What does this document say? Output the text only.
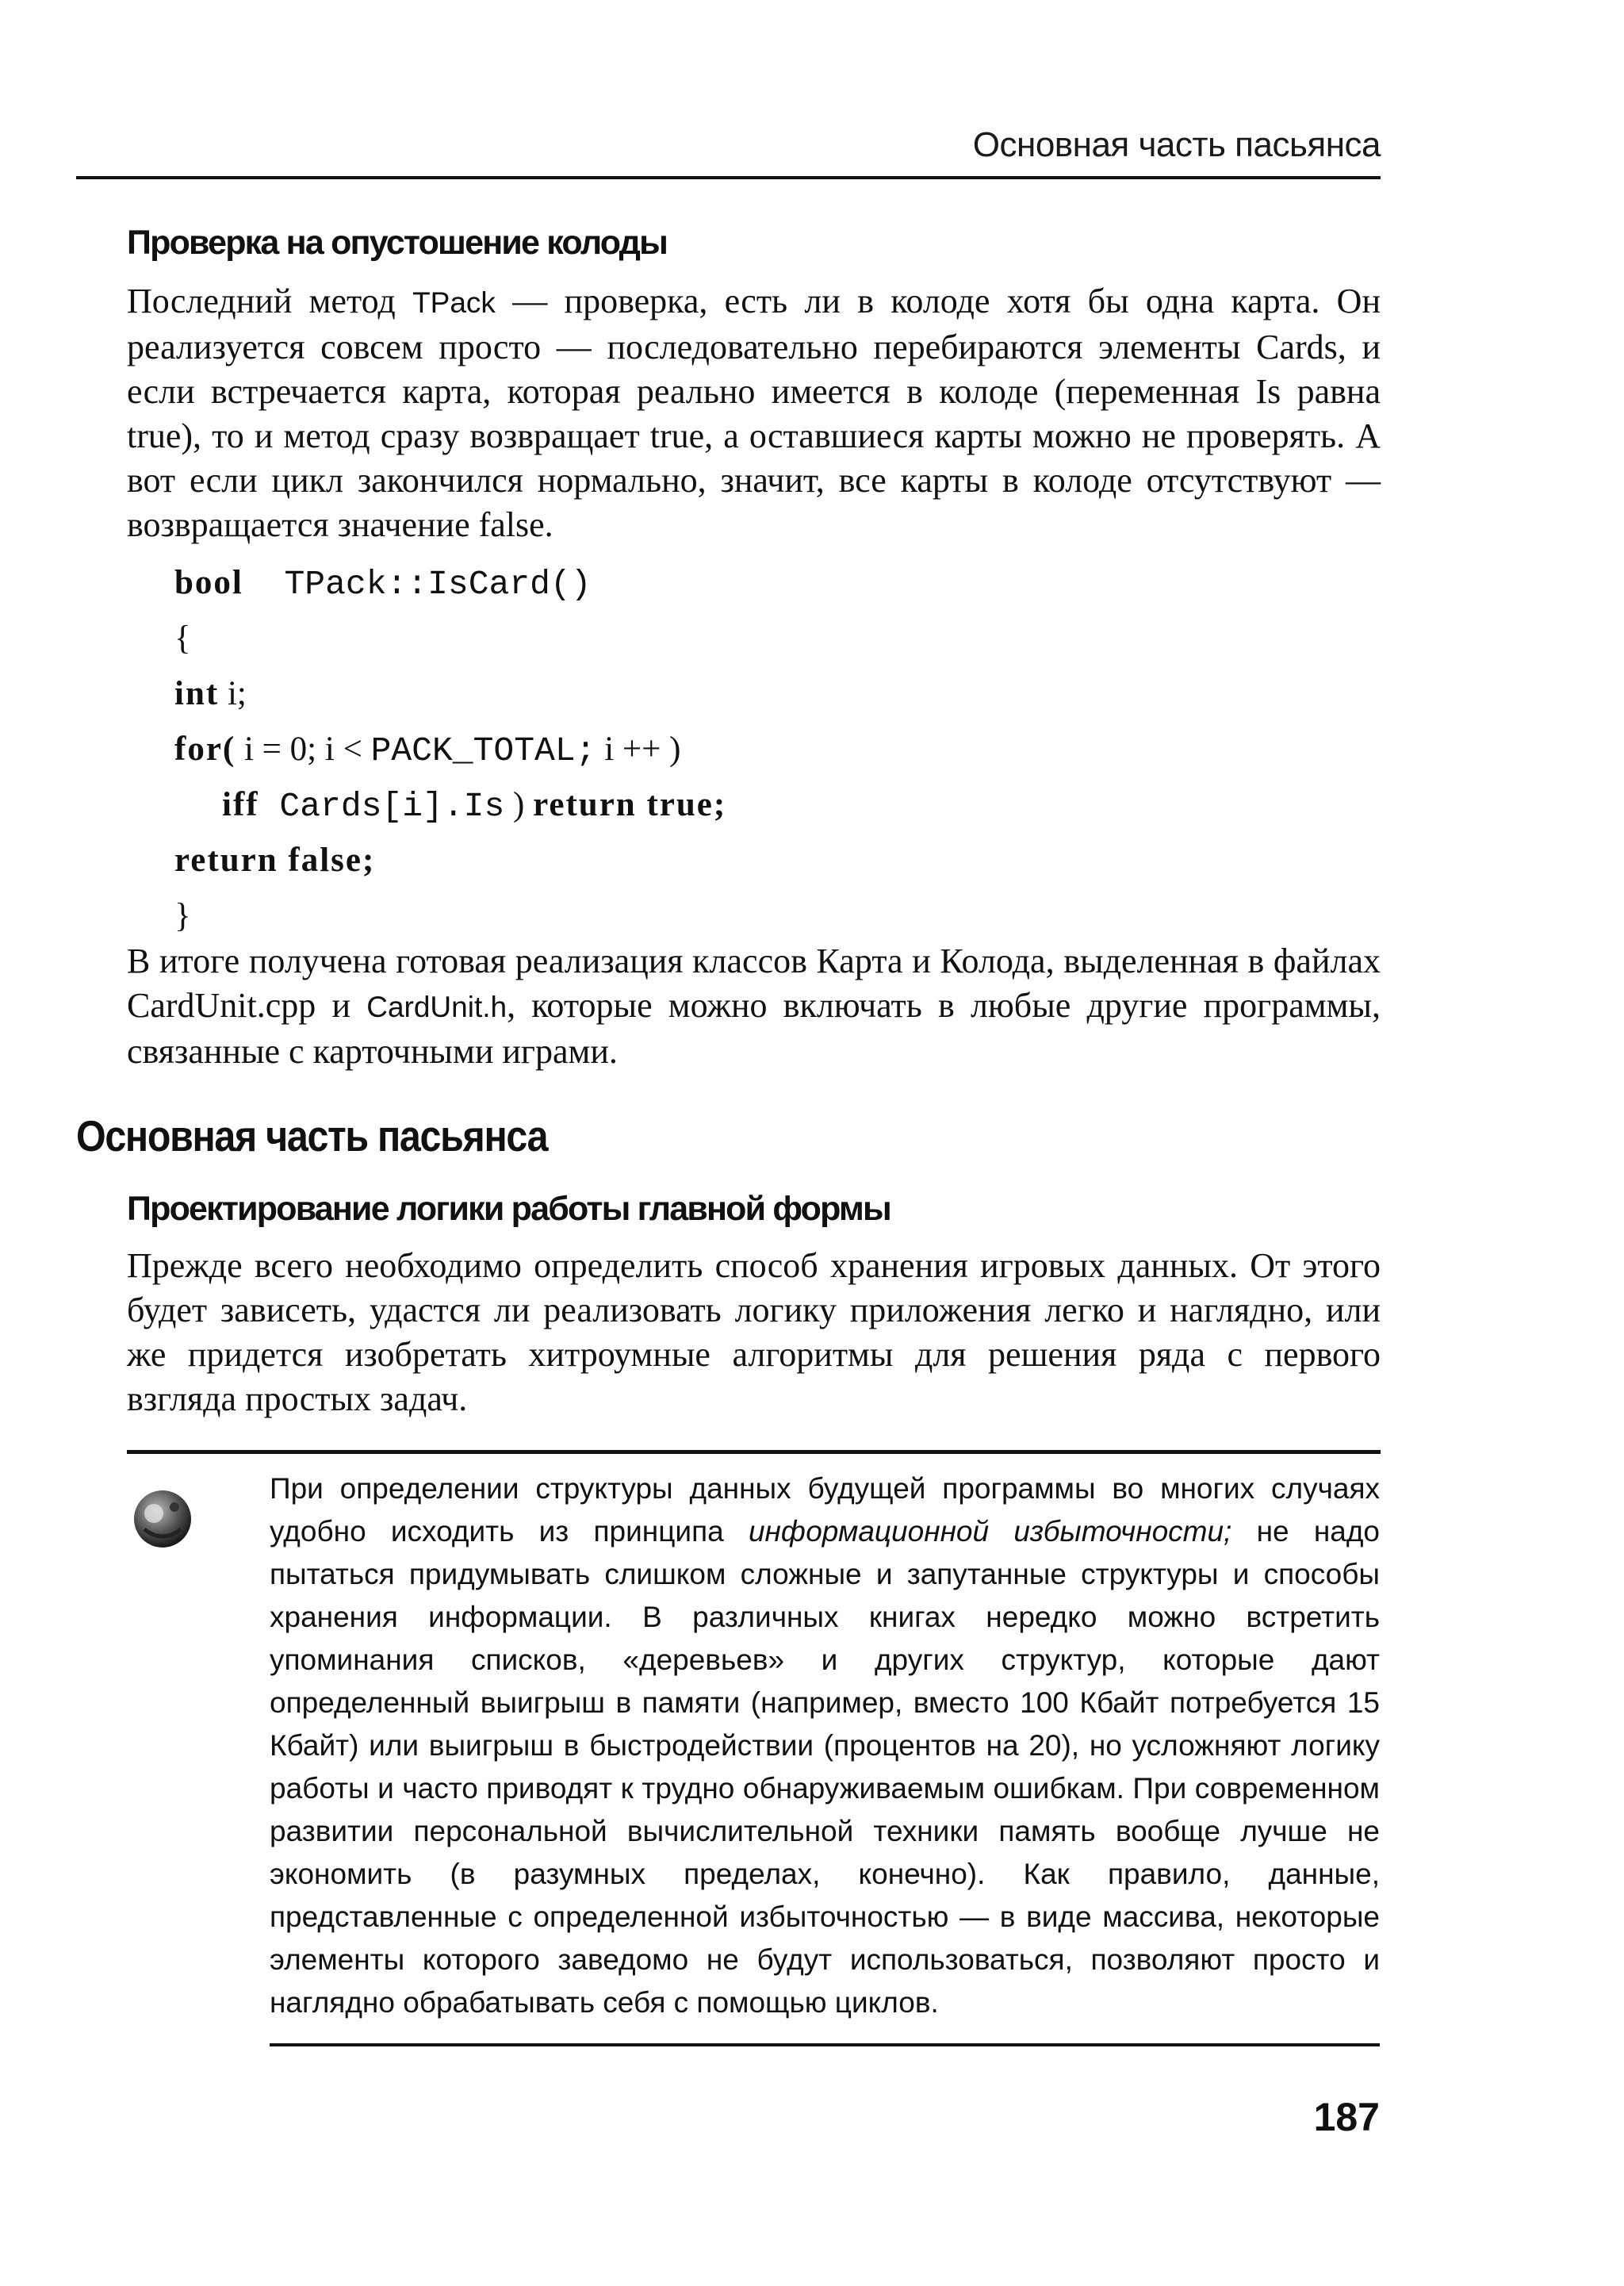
Основная часть пасьянса
Проверка на опустошение колоды

Последний метод TPack — проверка, есть ли в колоде хотя бы одна карта. Он реализуется совсем просто — последовательно перебираются элементы Cards, и если встречается карта, которая реально имеется в колоде (переменная Is равна true), то и метод сразу возвращает true, а оставшиеся карты можно не проверять. А вот если цикл закончился нормально, значит, все карты в колоде отсутствуют — возвращается значение false.

bool TPack::IsCard()
{
int i;
for( i = 0; i < PACK_TOTAL; i ++ )
iff Cards[i].Is ) return true;
return false;
}

В итоге получена готовая реализация классов Карта и Колода, выделенная в файлах CardUnit.cpp и CardUnit.h, которые можно включать в любые другие программы, связанные с карточными играми.

Основная часть пасьянса
Проектирование логики работы главной формы
Прежде всего необходимо определить способ хранения игровых данных. От этого будет зависеть, удастся ли реализовать логику приложения легко и наглядно, или же придется изобретать хитроумные алгоритмы для решения ряда с первого взгляда простых задач.

При определении структуры данных будущей программы во многих случаях удобно исходить из принципа информационной избыточности; не надо пытаться придумывать слишком сложные и запутанные структуры и способы хранения информации. В различных книгах нередко можно встретить упоминания списков, «деревьев» и других структур, которые дают определенный выигрыш в памяти (например, вместо 100 Кбайт потребуется 15 Кбайт) или выигрыш в быстродействии (процентов на 20), но усложняют логику работы и часто приводят к трудно обнаруживаемым ошибкам. При современном развитии персональной вычислительной техники память вообще лучше не экономить (в разумных пределах, конечно). Как правило, данные, представленные с определенной избыточностью — в виде массива, некоторые элементы которого заведомо не будут использоваться, позволяют просто и наглядно обрабатывать себя с помощью циклов.

187
